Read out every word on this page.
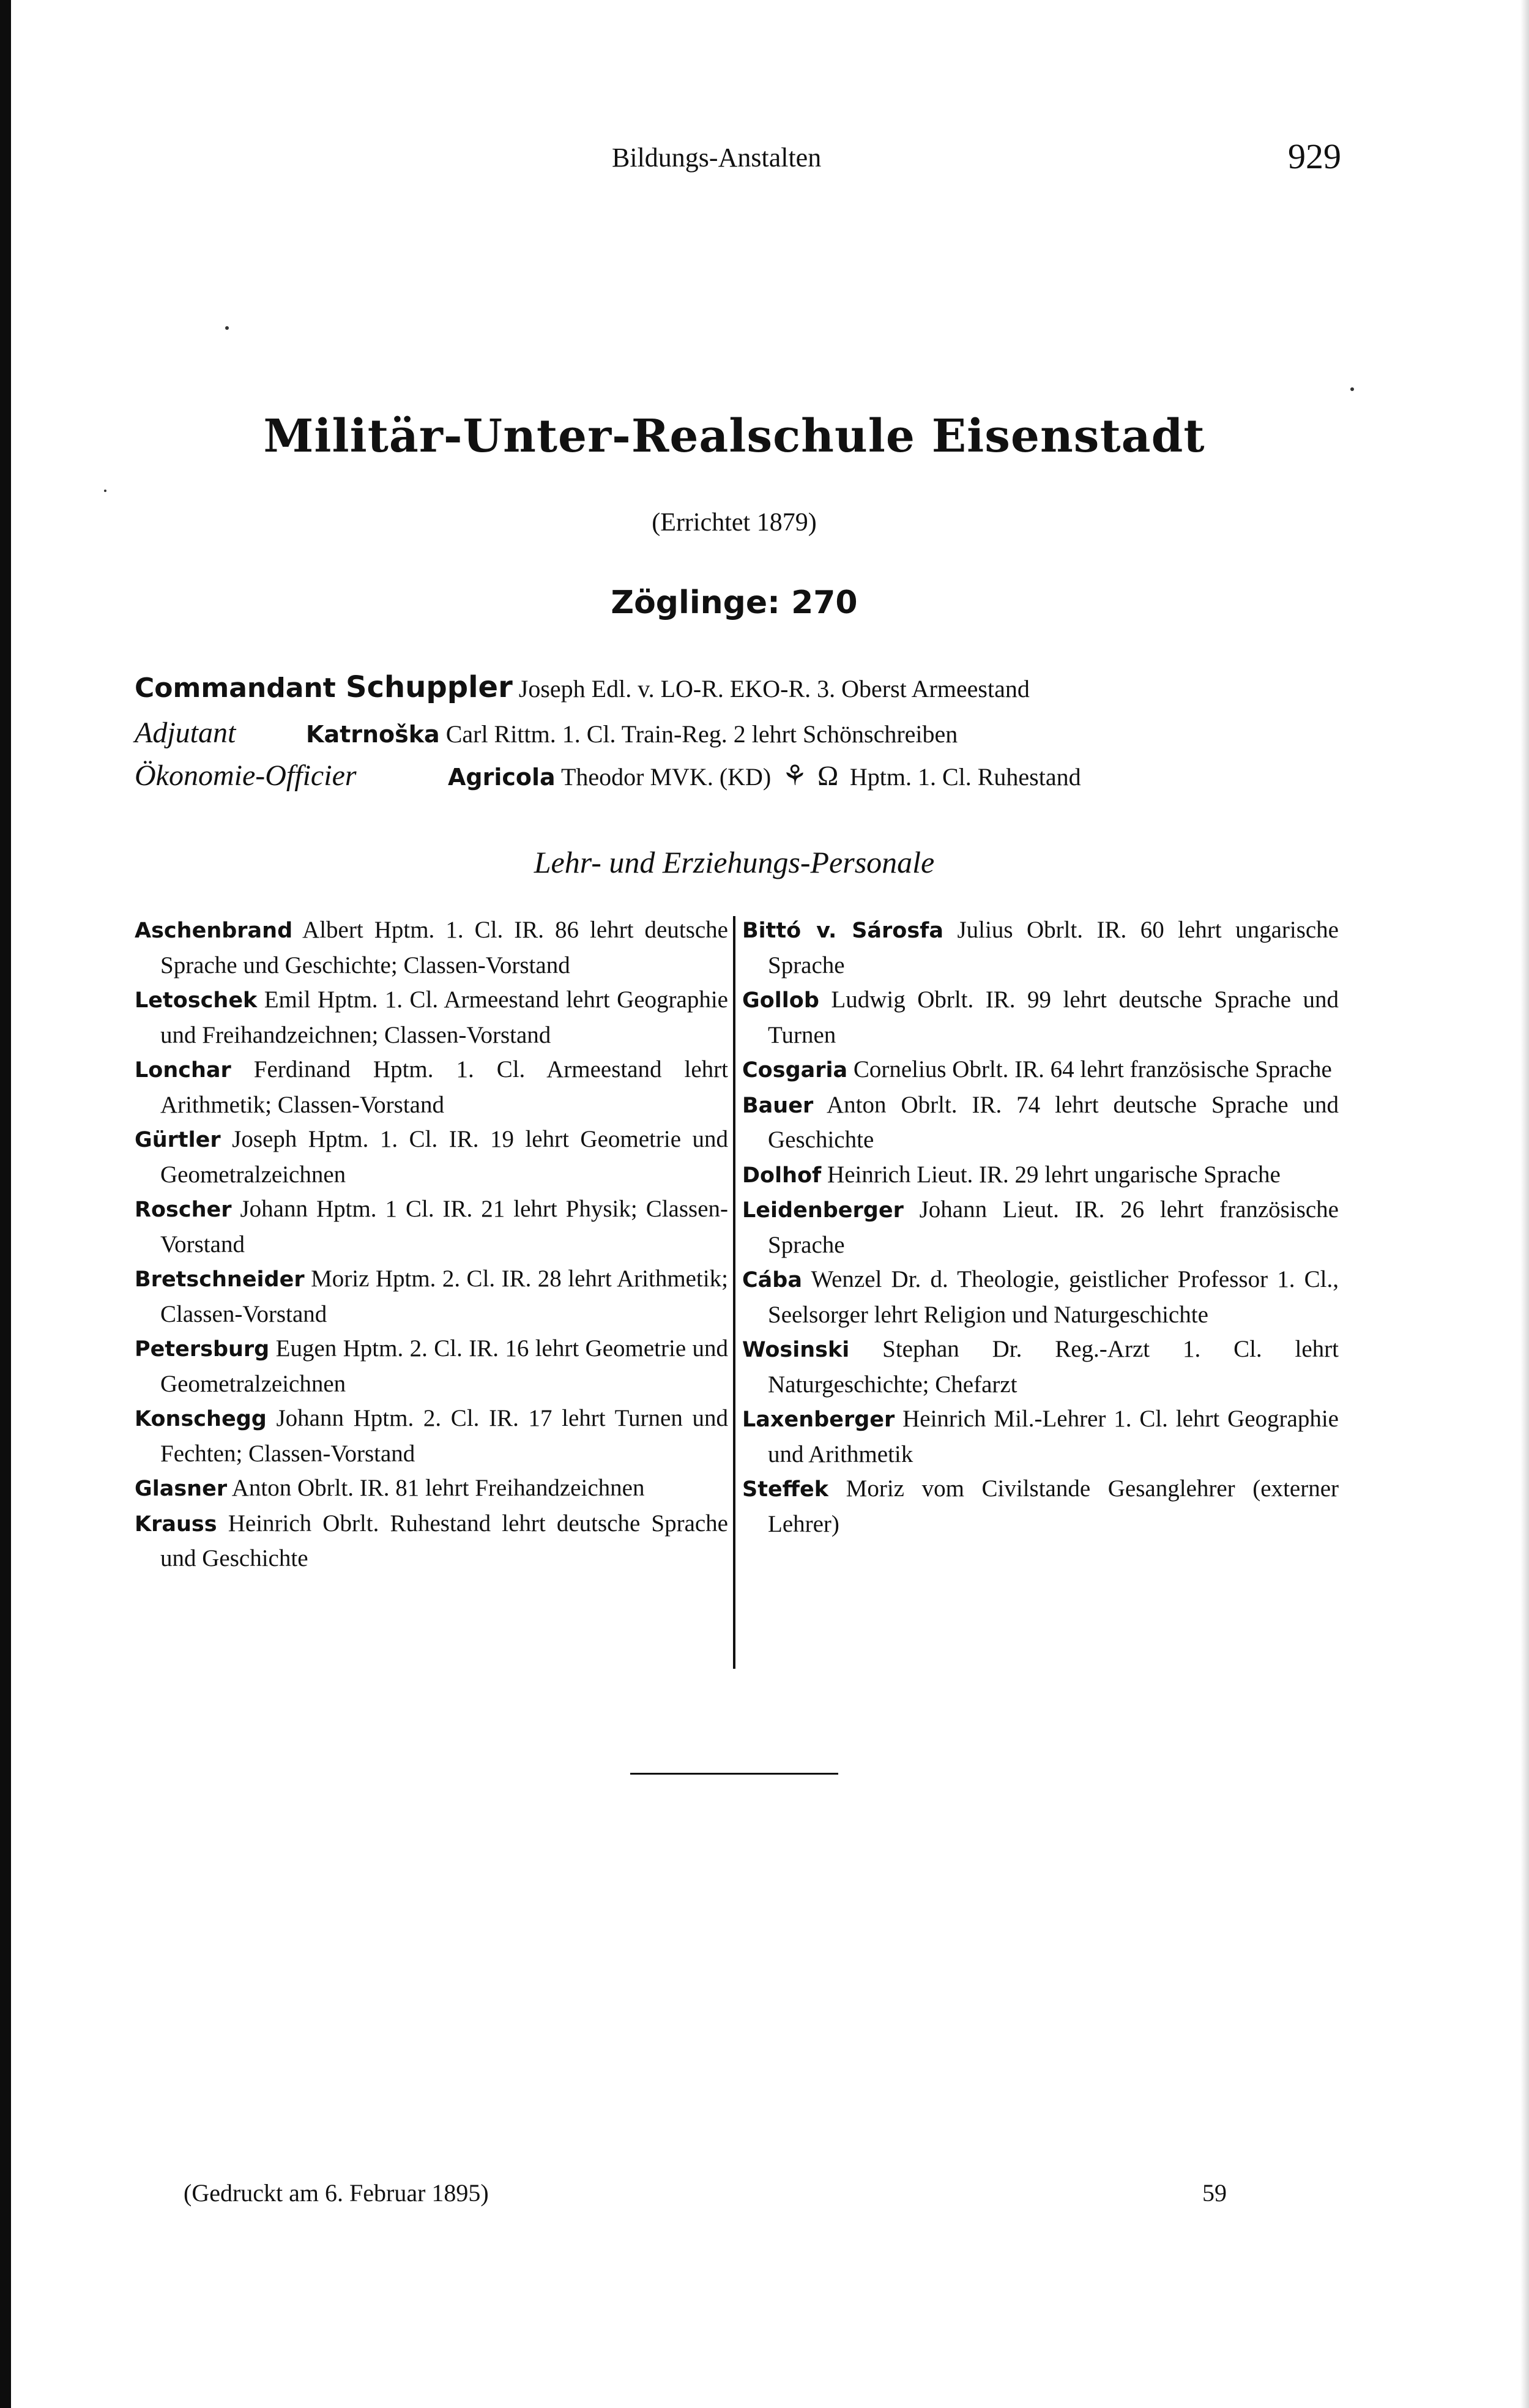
Bildungs-Anstalten	929
Militär-Unter-Realschule Eisenstadt
(Errichtet 1879)
Zöglinge: 270
Commandant Schuppler Joseph Edl. v. LO-R. EKO-R. 3. Oberst Armeestand
Adjutant	Katrnoška Carl Rittm. 1. Cl. Train-Reg. 2 lehrt Schönschreiben
Ökonomie-Officier	Agricola Theodor MVK. (KD) ⚘ Ω Hptm. 1. Cl. Ruhestand
Lehr- und Erziehungs-Personale
Aschenbrand Albert Hptm. 1. Cl. IR. 86 lehrt deutsche Sprache und Geschichte; Classen-Vorstand
Letoschek Emil Hptm. 1. Cl. Armeestand lehrt Geographie und Freihandzeichnen; Classen-Vorstand
Lonchar Ferdinand Hptm. 1. Cl. Armeestand lehrt Arithmetik; Classen-Vorstand
Gürtler Joseph Hptm. 1. Cl. IR. 19 lehrt Geometrie und Geometralzeichnen
Roscher Johann Hptm. 1 Cl. IR. 21 lehrt Physik; Classen-Vorstand
Bretschneider Moriz Hptm. 2. Cl. IR. 28 lehrt Arithmetik; Classen-Vorstand
Petersburg Eugen Hptm. 2. Cl. IR. 16 lehrt Geometrie und Geometralzeichnen
Konschegg Johann Hptm. 2. Cl. IR. 17 lehrt Turnen und Fechten; Classen-Vorstand
Glasner Anton Obrlt. IR. 81 lehrt Freihandzeichnen
Krauss Heinrich Obrlt. Ruhestand lehrt deutsche Sprache und Geschichte
Bittó v. Sárosfa Julius Obrlt. IR. 60 lehrt ungarische Sprache
Gollob Ludwig Obrlt. IR. 99 lehrt deutsche Sprache und Turnen
Cosgaria Cornelius Obrlt. IR. 64 lehrt französische Sprache
Bauer Anton Obrlt. IR. 74 lehrt deutsche Sprache und Geschichte
Dolhof Heinrich Lieut. IR. 29 lehrt ungarische Sprache
Leidenberger Johann Lieut. IR. 26 lehrt französische Sprache
Cába Wenzel Dr. d. Theologie, geistlicher Professor 1. Cl., Seelsorger lehrt Religion und Naturgeschichte
Wosinski Stephan Dr. Reg.-Arzt 1. Cl. lehrt Naturgeschichte; Chefarzt
Laxenberger Heinrich Mil.-Lehrer 1. Cl. lehrt Geographie und Arithmetik
Steffek Moriz vom Civilstande Gesanglehrer (externer Lehrer)
(Gedruckt am 6. Februar 1895)	59
